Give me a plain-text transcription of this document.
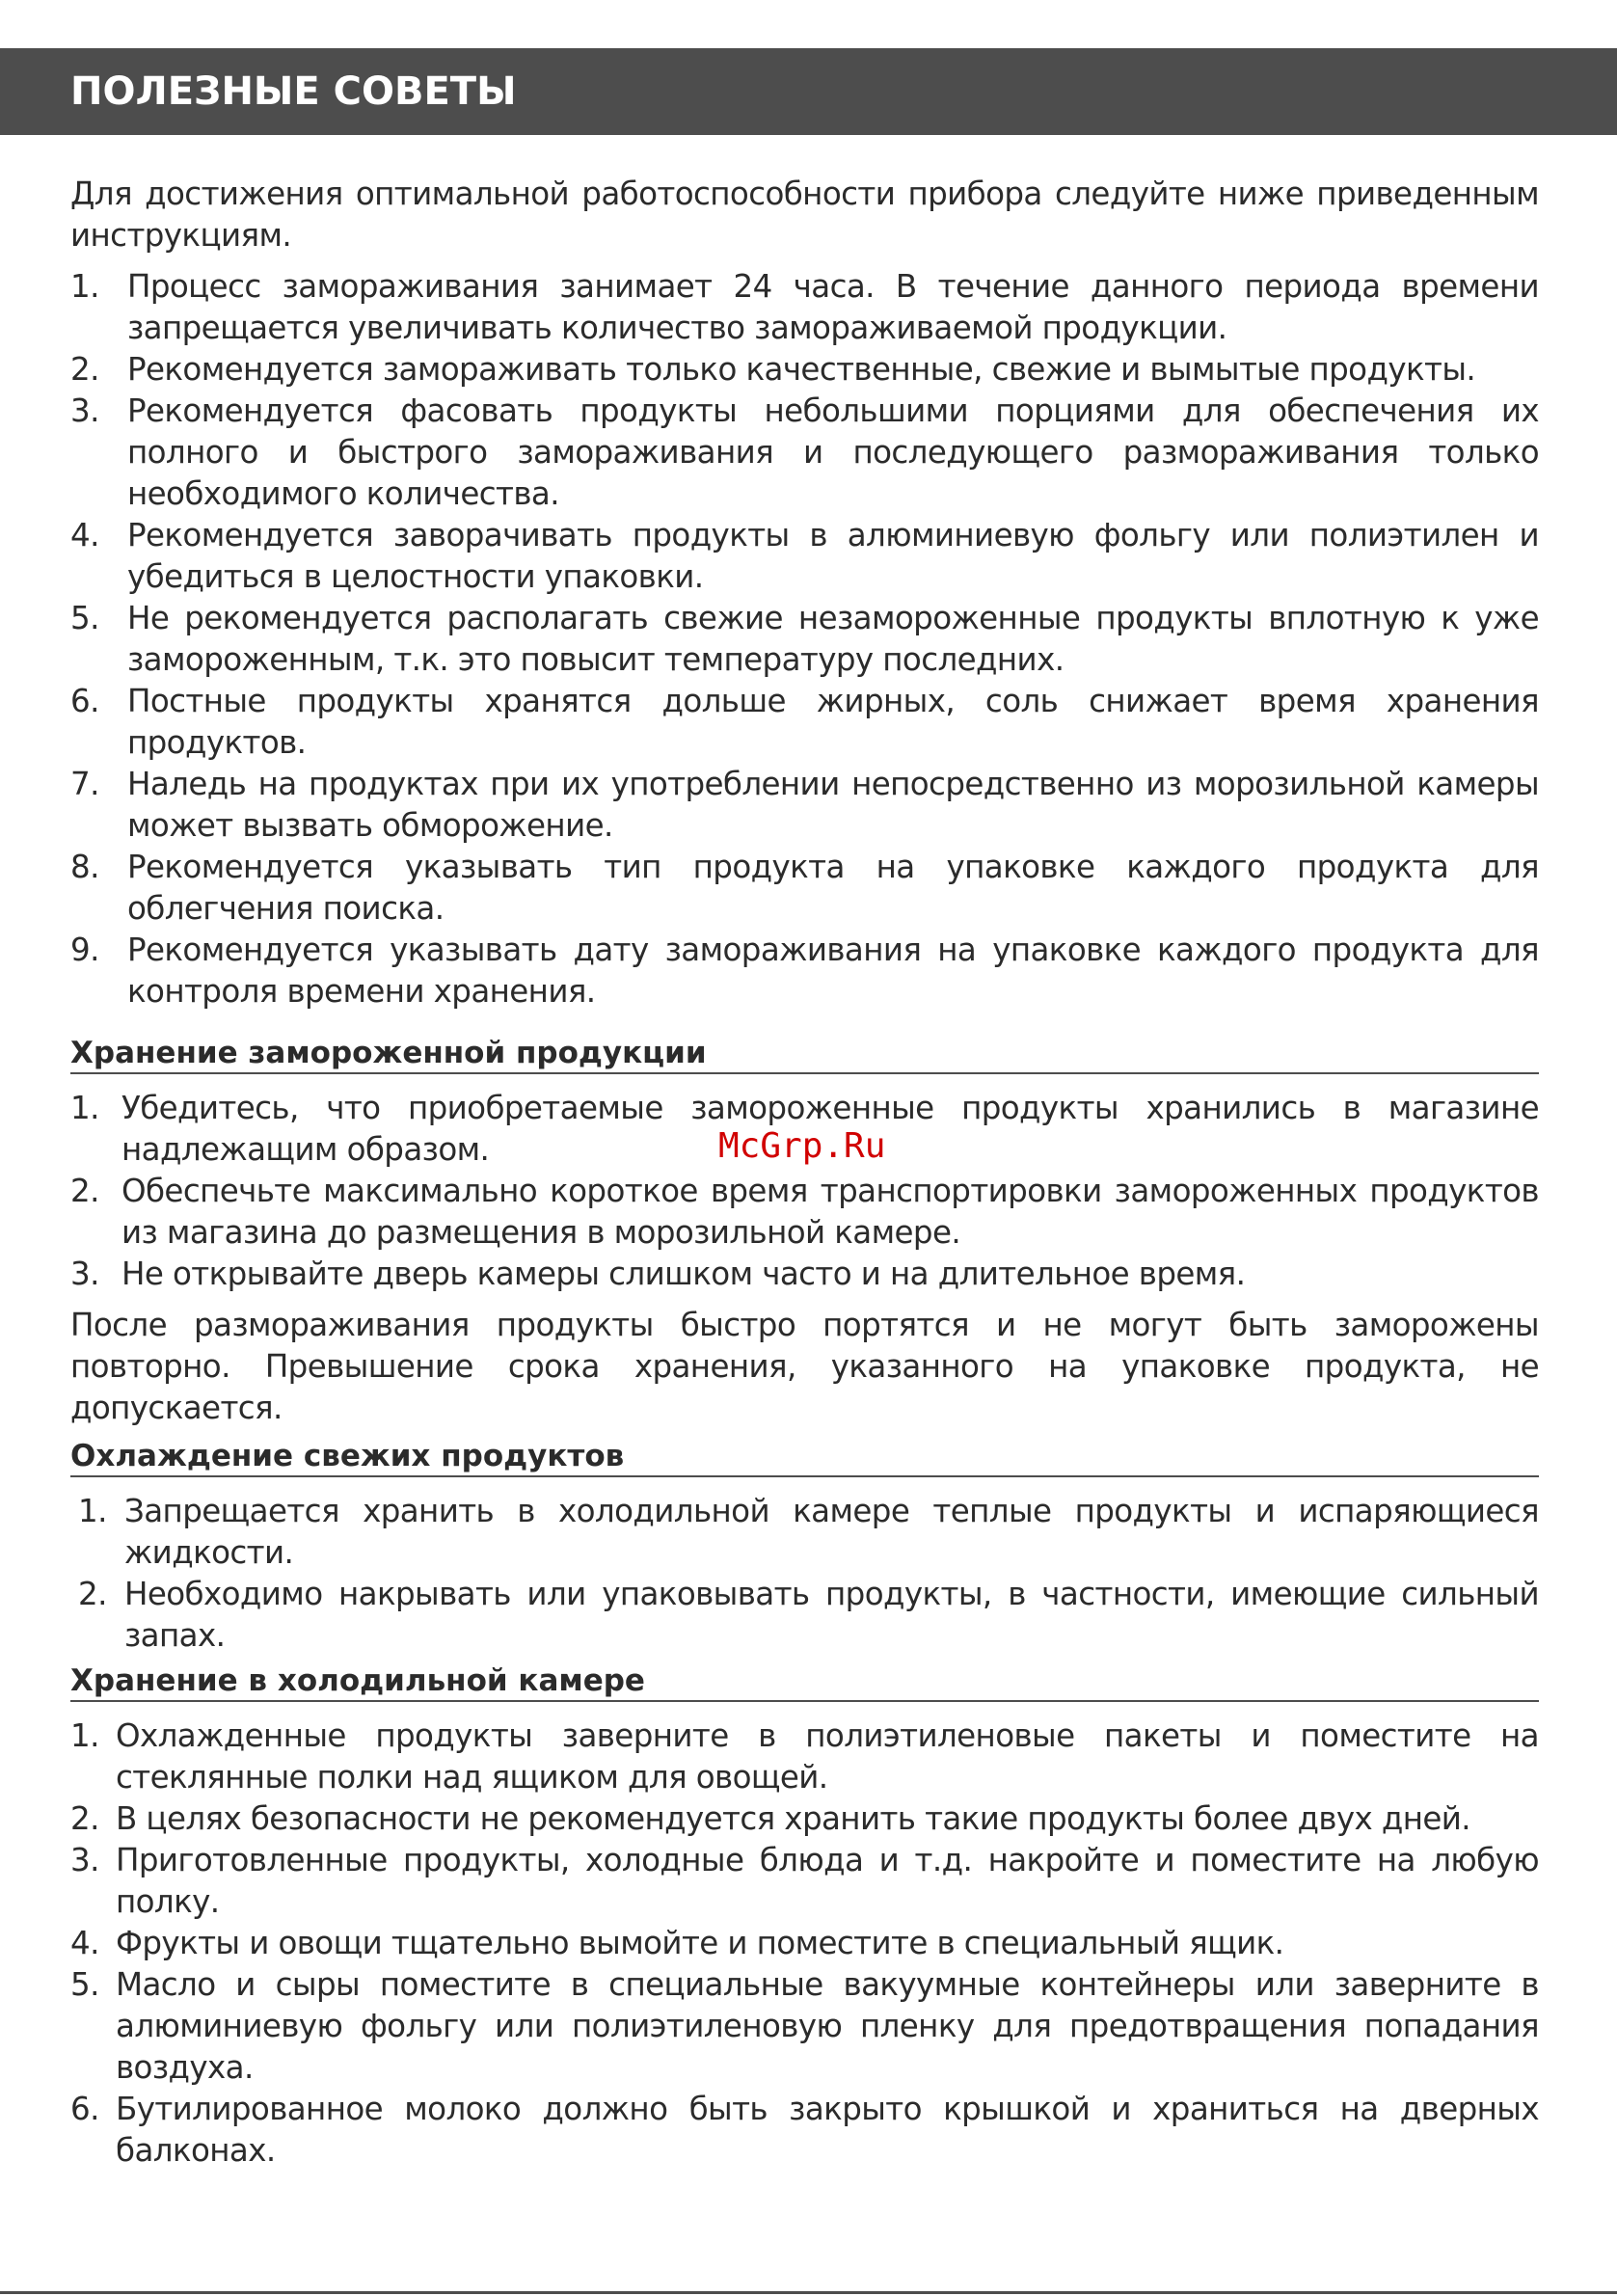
ПОЛЕЗНЫЕ СОВЕТЫ

Для достижения оптимальной работоспособности прибора следуйте ниже приведенным инструкциям.

1. Процесс замораживания занимает 24 часа. В течение данного периода времени запрещается увеличивать количество замораживаемой продукции.
2. Рекомендуется замораживать только качественные, свежие и вымытые продукты.
3. Рекомендуется фасовать продукты небольшими порциями для обеспечения их полного и быстрого замораживания и последующего размораживания только необходимого количества.
4. Рекомендуется заворачивать продукты в алюминиевую фольгу или полиэтилен и убедиться в целостности упаковки.
5. Не рекомендуется располагать свежие незамороженные продукты вплотную к уже замороженным, т.к. это повысит температуру последних.
6. Постные продукты хранятся дольше жирных, соль снижает время хранения продуктов.
7. Наледь на продуктах при их употреблении непосредственно из морозильной камеры может вызвать обморожение.
8. Рекомендуется указывать тип продукта на упаковке каждого продукта для облегчения поиска.
9. Рекомендуется указывать дату замораживания на упаковке каждого продукта для контроля времени хранения.
Хранение замороженной продукции
1. Убедитесь, что приобретаемые замороженные продукты хранились в магазине надлежащим образом.
2. Обеспечьте максимально короткое время транспортировки замороженных продуктов из магазина до размещения в морозильной камере.
3. Не открывайте дверь камеры слишком часто и на длительное время.

После размораживания продукты быстро портятся и не могут быть заморожены повторно. Превышение срока хранения, указанного на упаковке продукта, не допускается.

Охлаждение свежих продуктов
1. Запрещается хранить в холодильной камере теплые продукты и испаряющиеся жидкости.
2. Необходимо накрывать или упаковывать продукты, в частности, имеющие сильный запах.
Хранение в холодильной камере
1. Охлажденные продукты заверните в полиэтиленовые пакеты и поместите на стеклянные полки над ящиком для овощей.
2. В целях безопасности не рекомендуется хранить такие продукты более двух дней.
3. Приготовленные продукты, холодные блюда и т.д. накройте и поместите на любую полку.
4. Фрукты и овощи тщательно вымойте и поместите в специальный ящик.
5. Масло и сыры поместите в специальные вакуумные контейнеры или заверните в алюминиевую фольгу или полиэтиленовую пленку для предотвращения попадания воздуха.
6. Бутилированное молоко должно быть закрыто крышкой и храниться на дверных балконах.
McGrp.Ru
